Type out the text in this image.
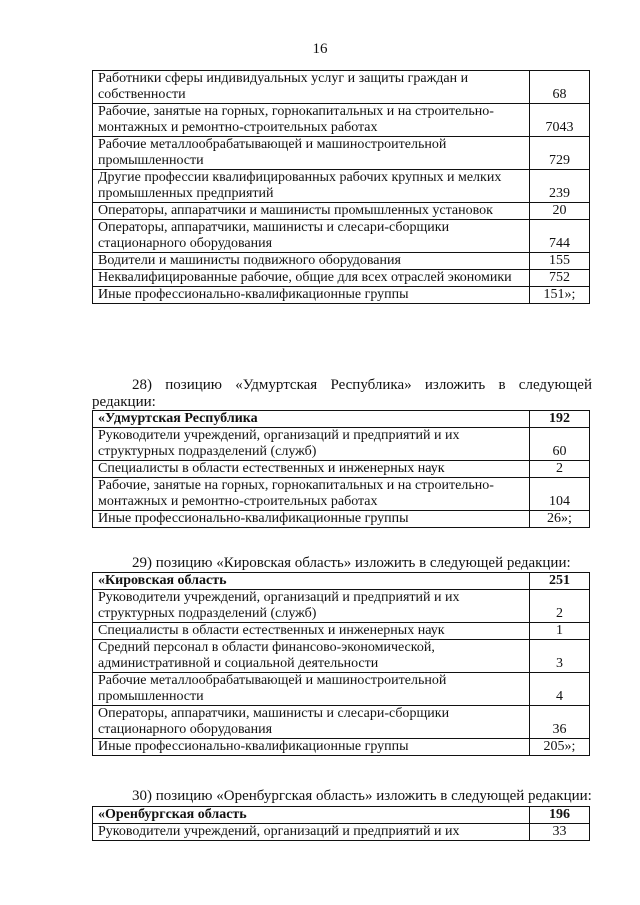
16
Работники сферы индивидуальных услуг и защиты граждан и собственности	68
Рабочие, занятые на горных, горнокапитальных и на строительно-монтажных и ремонтно-строительных работах	7043
Рабочие металлообрабатывающей и машиностроительной промышленности	729
Другие профессии квалифицированных рабочих крупных и мелких промышленных предприятий	239
Операторы, аппаратчики и машинисты промышленных установок	20
Операторы, аппаратчики, машинисты и слесари-сборщики стационарного оборудования	744
Водители и машинисты подвижного оборудования	155
Неквалифицированные рабочие, общие для всех отраслей экономики	752
Иные профессионально-квалификационные группы	151»;
28) позицию «Удмуртская Республика» изложить в следующей редакции:
«Удмуртская Республика	192
Руководители учреждений, организаций и предприятий и их структурных подразделений (служб)	60
Специалисты в области естественных и инженерных наук	2
Рабочие, занятые на горных, горнокапитальных и на строительно-монтажных и ремонтно-строительных работах	104
Иные профессионально-квалификационные группы	26»;
29) позицию «Кировская область» изложить в следующей редакции:
«Кировская область	251
Руководители учреждений, организаций и предприятий и их структурных подразделений (служб)	2
Специалисты в области естественных и инженерных наук	1
Средний персонал в области финансово-экономической, административной и социальной деятельности	3
Рабочие металлообрабатывающей и машиностроительной промышленности	4
Операторы, аппаратчики, машинисты и слесари-сборщики стационарного оборудования	36
Иные профессионально-квалификационные группы	205»;
30) позицию «Оренбургская область» изложить в следующей редакции:
«Оренбургская область	196
Руководители учреждений, организаций и предприятий и их	33
